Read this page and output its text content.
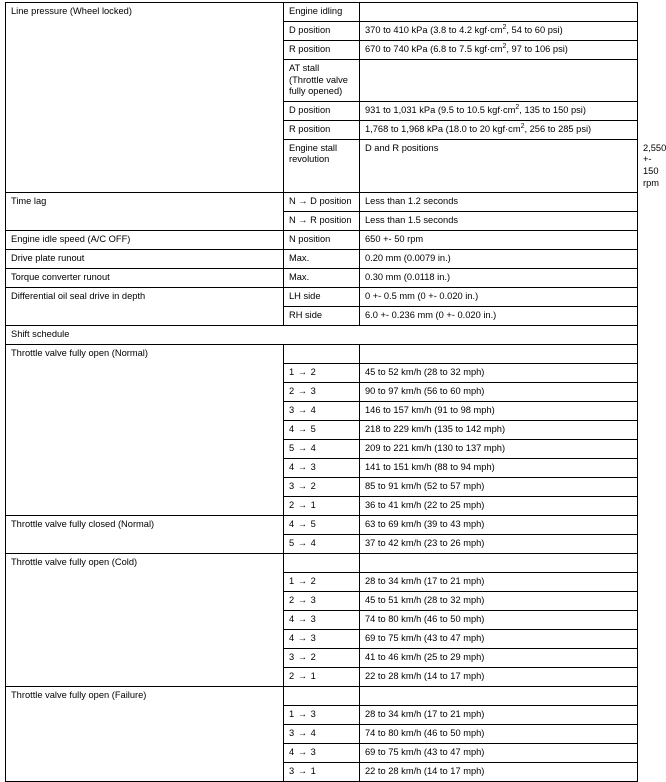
Line pressure (Wheel locked)	Engine idling		
	D position	370 to 410 kPa (3.8 to 4.2 $kgf\cdot cm^2$, 54 to 60 psi)	
	R position	670 to 740 kPa (6.8 to 7.5 $kgf\cdot cm^2$, 97 to 106 psi)	
	AT stall (Throttle valve fully opened)		
	D position	931 to 1,031 kPa (9.5 to 10.5 $kgf\cdot cm^2$, 135 to 150 psi)	
	R position	1,768 to 1,968 kPa (18.0 to 20 $kgf\cdot cm^2$, 256 to 285 psi)	
	Engine stall revolution	D and R positions	2,550 +- 150 rpm
Time lag	N → D position	Less than 1.2 seconds	
	N → R position	Less than 1.5 seconds	
Engine idle speed (A/C OFF)	N position	650 +- 50 rpm	
Drive plate runout	Max.	0.20 mm (0.0079 in.)	
Torque converter runout	Max.	0.30 mm (0.0118 in.)	
Differential oil seal drive in depth	LH side	0 +- 0.5 mm (0 +- 0.020 in.)	
	RH side	6.0 +- 0.236 mm (0 +- 0.020 in.)	
Shift schedule			
Throttle valve fully open (Normal)			
	1 → 2	45 to 52 km/h (28 to 32 mph)	
	2 → 3	90 to 97 km/h (56 to 60 mph)	
	3 → 4	146 to 157 km/h (91 to 98 mph)	
	4 → 5	218 to 229 km/h (135 to 142 mph)	
	5 → 4	209 to 221 km/h (130 to 137 mph)	
	4 → 3	141 to 151 km/h (88 to 94 mph)	
	3 → 2	85 to 91 km/h (52 to 57 mph)	
	2 → 1	36 to 41 km/h (22 to 25 mph)	
Throttle valve fully closed (Normal)	4 → 5	63 to 69 km/h (39 to 43 mph)	
	5 → 4	37 to 42 km/h (23 to 26 mph)	
Throttle valve fully open (Cold)			
	1 → 2	28 to 34 km/h (17 to 21 mph)	
	2 → 3	45 to 51 km/h (28 to 32 mph)	
	4 → 3	74 to 80 km/h (46 to 50 mph)	
	4 → 3	69 to 75 km/h (43 to 47 mph)	
	3 → 2	41 to 46 km/h (25 to 29 mph)	
	2 → 1	22 to 28 km/h (14 to 17 mph)	
Throttle valve fully open (Failure)			
	1 → 3	28 to 34 km/h (17 to 21 mph)	
	3 → 4	74 to 80 km/h (46 to 50 mph)	
	4 → 3	69 to 75 km/h (43 to 47 mph)	
	3 → 1	22 to 28 km/h (14 to 17 mph)	
